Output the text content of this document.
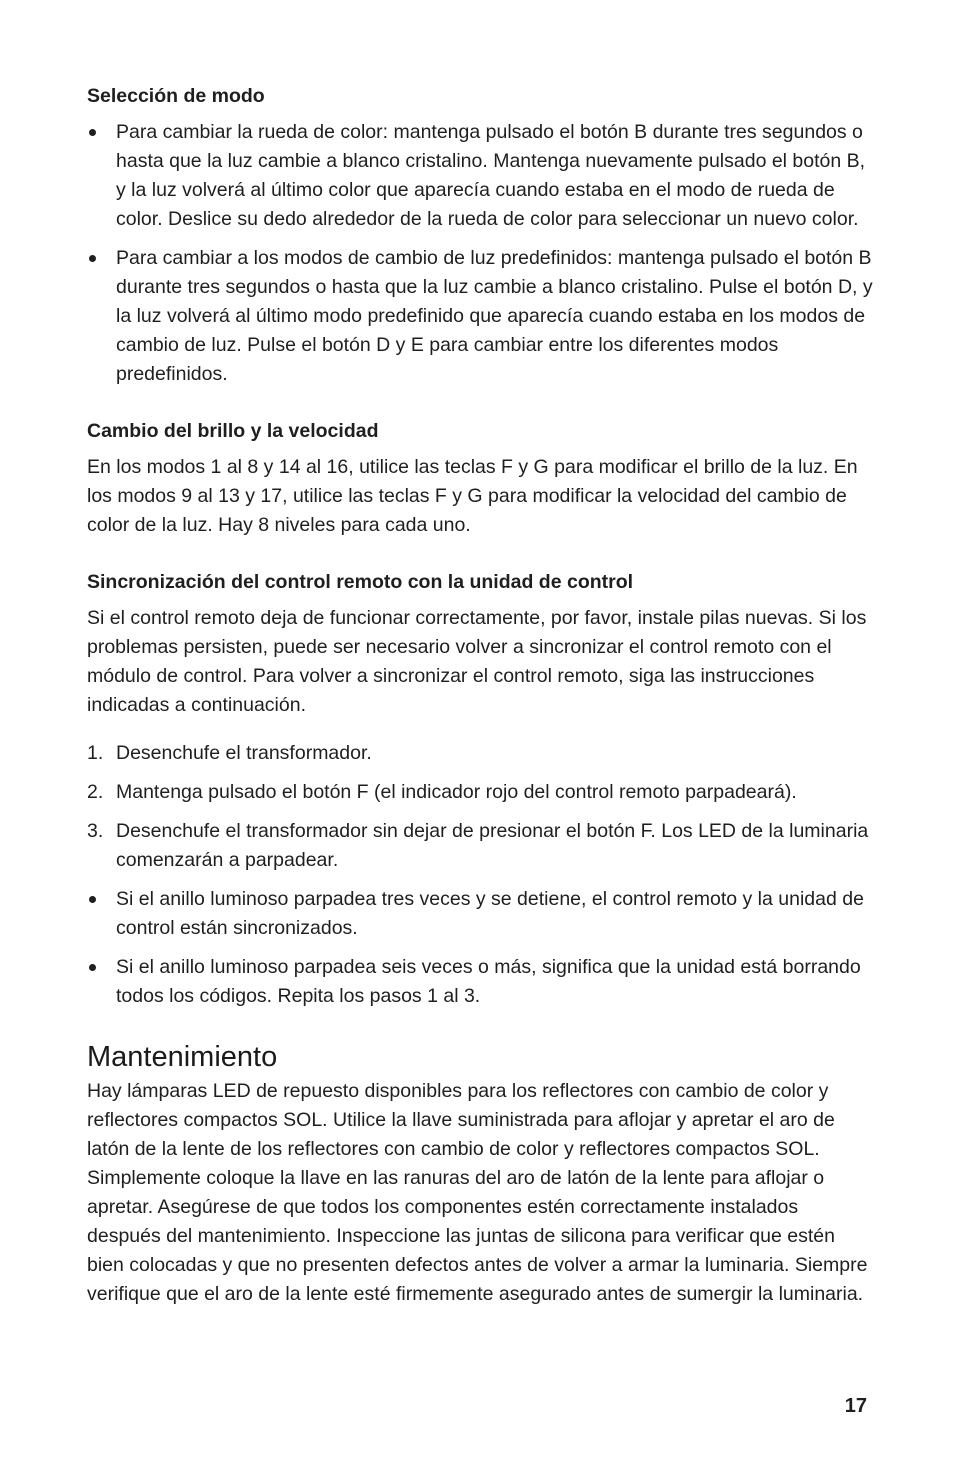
Selección de modo
Para cambiar la rueda de color: mantenga pulsado el botón B durante tres segundos o hasta que la luz cambie a blanco cristalino. Mantenga nuevamente pulsado el botón B, y la luz volverá al último color que aparecía cuando estaba en el modo de rueda de color. Deslice su dedo alrededor de la rueda de color para seleccionar un nuevo color.
Para cambiar a los modos de cambio de luz predefinidos: mantenga pulsado el botón B durante tres segundos o hasta que la luz cambie a blanco cristalino. Pulse el botón D, y la luz volverá al último modo predefinido que aparecía cuando estaba en los modos de cambio de luz. Pulse el botón D y E para cambiar entre los diferentes modos predefinidos.
Cambio del brillo y la velocidad

En los modos 1 al 8 y 14 al 16, utilice las teclas F y G para modificar el brillo de la luz. En los modos 9 al 13 y 17, utilice las teclas F y G para modificar la velocidad del cambio de color de la luz. Hay 8 niveles para cada uno.

Sincronización del control remoto con la unidad de control

Si el control remoto deja de funcionar correctamente, por favor, instale pilas nuevas. Si los problemas persisten, puede ser necesario volver a sincronizar el control remoto con el módulo de control. Para volver a sincronizar el control remoto, siga las instrucciones indicadas a continuación.

1. Desenchufe el transformador.
2. Mantenga pulsado el botón F (el indicador rojo del control remoto parpadeará).
3. Desenchufe el transformador sin dejar de presionar el botón F. Los LED de la luminaria comenzarán a parpadear.
Si el anillo luminoso parpadea tres veces y se detiene, el control remoto y la unidad de control están sincronizados.
Si el anillo luminoso parpadea seis veces o más, significa que la unidad está borrando todos los códigos. Repita los pasos 1 al 3.
Mantenimiento

Hay lámparas LED de repuesto disponibles para los reflectores con cambio de color y reflectores compactos SOL. Utilice la llave suministrada para aflojar y apretar el aro de latón de la lente de los reflectores con cambio de color y reflectores compactos SOL. Simplemente coloque la llave en las ranuras del aro de latón de la lente para aflojar o apretar. Asegúrese de que todos los componentes estén correctamente instalados después del mantenimiento. Inspeccione las juntas de silicona para verificar que estén bien colocadas y que no presenten defectos antes de volver a armar la luminaria. Siempre verifique que el aro de la lente esté firmemente asegurado antes de sumergir la luminaria.

17
